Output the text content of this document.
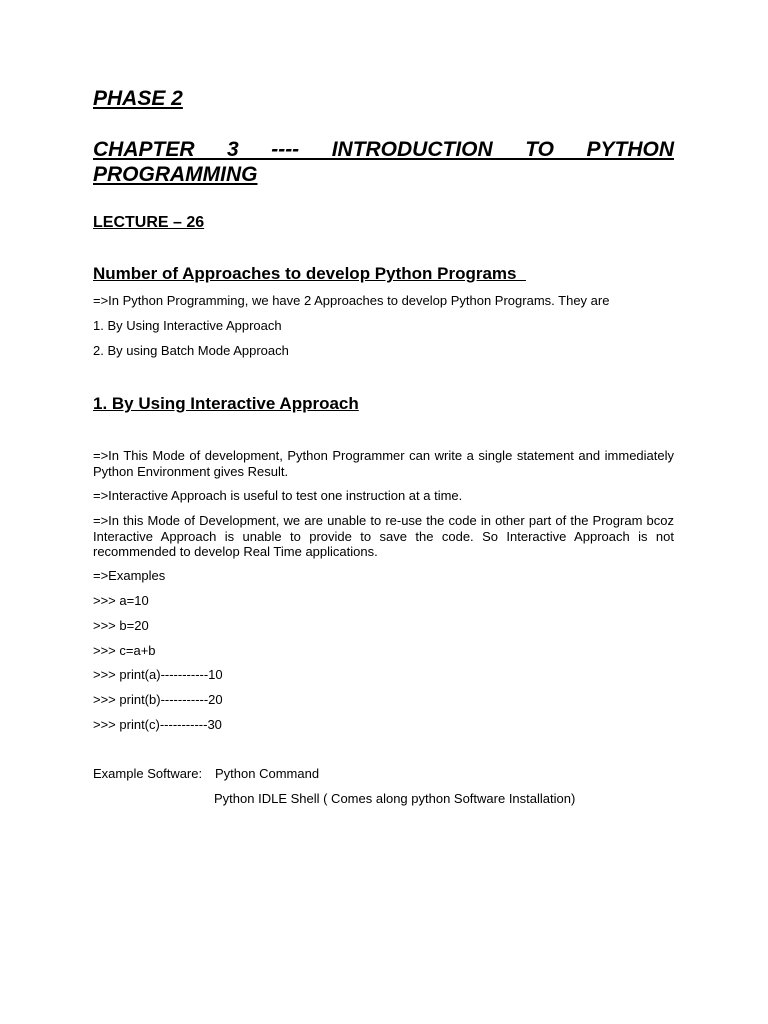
PHASE 2
CHAPTER 3 ---- INTRODUCTION TO PYTHON PROGRAMMING
LECTURE – 26
Number of Approaches to develop Python Programs

=>In Python Programming, we have 2 Approaches to develop Python Programs. They are

1. By Using Interactive Approach

2. By using Batch Mode Approach

1. By Using Interactive Approach

=>In This Mode of development, Python Programmer can write a single statement and immediately Python Environment gives Result.

=>Interactive Approach is useful to test one instruction at a time.

=>In this Mode of Development, we are unable to re-use the code in other part of the Program bcoz Interactive Approach is unable to provide to save the code. So Interactive Approach is not recommended to develop Real Time applications.

=>Examples

>>> a=10

>>> b=20

>>> c=a+b

>>> print(a)-----------10

>>> print(b)-----------20

>>> print(c)-----------30

Example Software: Python Command
Python IDLE Shell ( Comes along python Software Installation)
